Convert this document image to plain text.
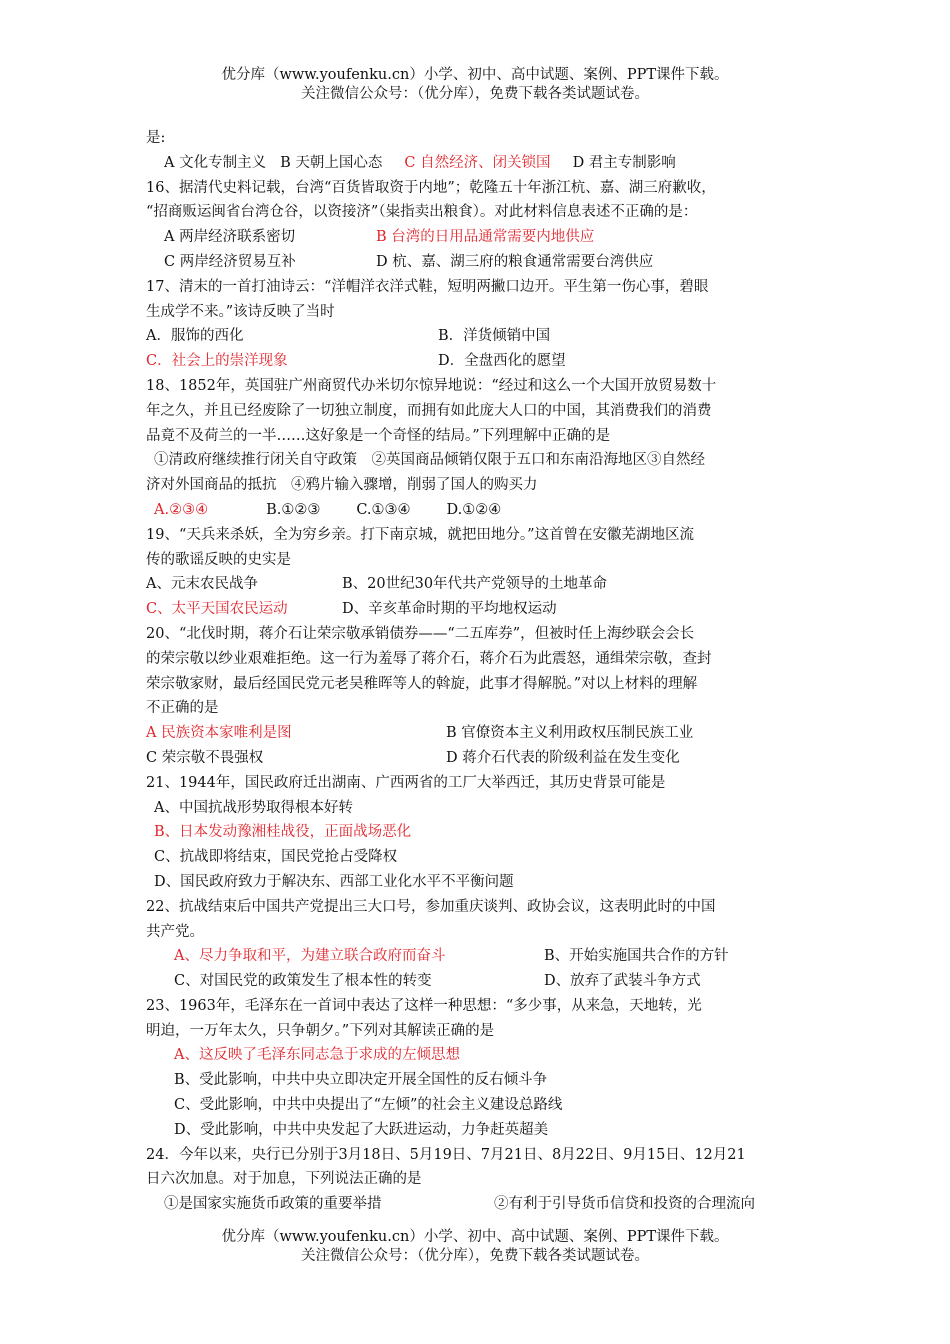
优分库（www.youfenku.cn）小学、初中、高中试题、案例、PPT课件下载。
关注微信公众号：（优分库），免费下载各类试题试卷。
是:
A 文化专制主义 B 天朝上国心态 C 自然经济、闭关锁国 D 君主专制影响
16、据清代史料记载，台湾“百货皆取资于内地”；乾隆五十年浙江杭、嘉、湖三府歉收，
“招商贩运闽省台湾仓谷，以资接济”（粜指卖出粮食）。对此材料信息表述不正确的是：
A 两岸经济联系密切	B 台湾的日用品通常需要内地供应
C 两岸经济贸易互补	D 杭、嘉、湖三府的粮食通常需要台湾供应
17、清末的一首打油诗云：“洋帽洋衣洋式鞋，短明两撇口边开。平生第一伤心事，碧眼
生成学不来。”该诗反映了当时
A．服饰的西化	B．洋货倾销中国
C．社会上的崇洋现象	D．全盘西化的愿望
18、1852年，英国驻广州商贸代办米切尔惊异地说：“经过和这么一个大国开放贸易数十
年之久，并且已经废除了一切独立制度，而拥有如此庞大人口的中国，其消费我们的消费
品竟不及荷兰的一半……这好象是一个奇怪的结局。”下列理解中正确的是
①清政府继续推行闭关自守政策　②英国商品倾销仅限于五口和东南沿海地区③自然经
济对外国商品的抵抗　④鸦片输入骤增，削弱了国人的购买力
A.②③④	B.①②③ C.①③④ D.①②④
19、“天兵来杀妖，全为穷乡亲。打下南京城，就把田地分。”这首曾在安徽芜湖地区流
传的歌谣反映的史实是
A、元末农民战争	B、20世纪30年代共产党领导的土地革命
C、太平天国农民运动	D、辛亥革命时期的平均地权运动
20、“北伐时期，蒋介石让荣宗敬承销债券——“二五库券”，但被时任上海纱联会会长
的荣宗敬以纱业艰难拒绝。这一行为羞辱了蒋介石，蒋介石为此震怒，通缉荣宗敬，查封
荣宗敬家财，最后经国民党元老吴稚晖等人的斡旋，此事才得解脱。”对以上材料的理解
不正确的是
A 民族资本家唯利是图	B 官僚资本主义利用政权压制民族工业
C 荣宗敬不畏强权	D 蒋介石代表的阶级利益在发生变化
21、1944年，国民政府迁出湖南、广西两省的工厂大举西迁，其历史背景可能是
A、中国抗战形势取得根本好转
B、日本发动豫湘桂战役，正面战场恶化
C、抗战即将结束，国民党抢占受降权
D、国民政府致力于解决东、西部工业化水平不平衡问题
22、抗战结束后中国共产党提出三大口号，参加重庆谈判、政协会议，这表明此时的中国
共产党。
A、尽力争取和平，为建立联合政府而奋斗	B、开始实施国共合作的方针
C、对国民党的政策发生了根本性的转变	D、放弃了武装斗争方式
23、1963年，毛泽东在一首词中表达了这样一种思想：“多少事，从来急，天地转，光
明迫，一万年太久，只争朝夕。”下列对其解读正确的是
A、这反映了毛泽东同志急于求成的左倾思想
B、受此影响，中共中央立即决定开展全国性的反右倾斗争
C、受此影响，中共中央提出了“左倾”的社会主义建设总路线
D、受此影响，中共中央发起了大跃进运动，力争赶英超美
24．今年以来，央行已分别于3月18日、5月19日、7月21日、8月22日、9月15日、12月21
日六次加息。对于加息，下列说法正确的是
①是国家实施货币政策的重要举措	②有利于引导货币信贷和投资的合理流向
优分库（www.youfenku.cn）小学、初中、高中试题、案例、PPT课件下载。
关注微信公众号：（优分库），免费下载各类试题试卷。
